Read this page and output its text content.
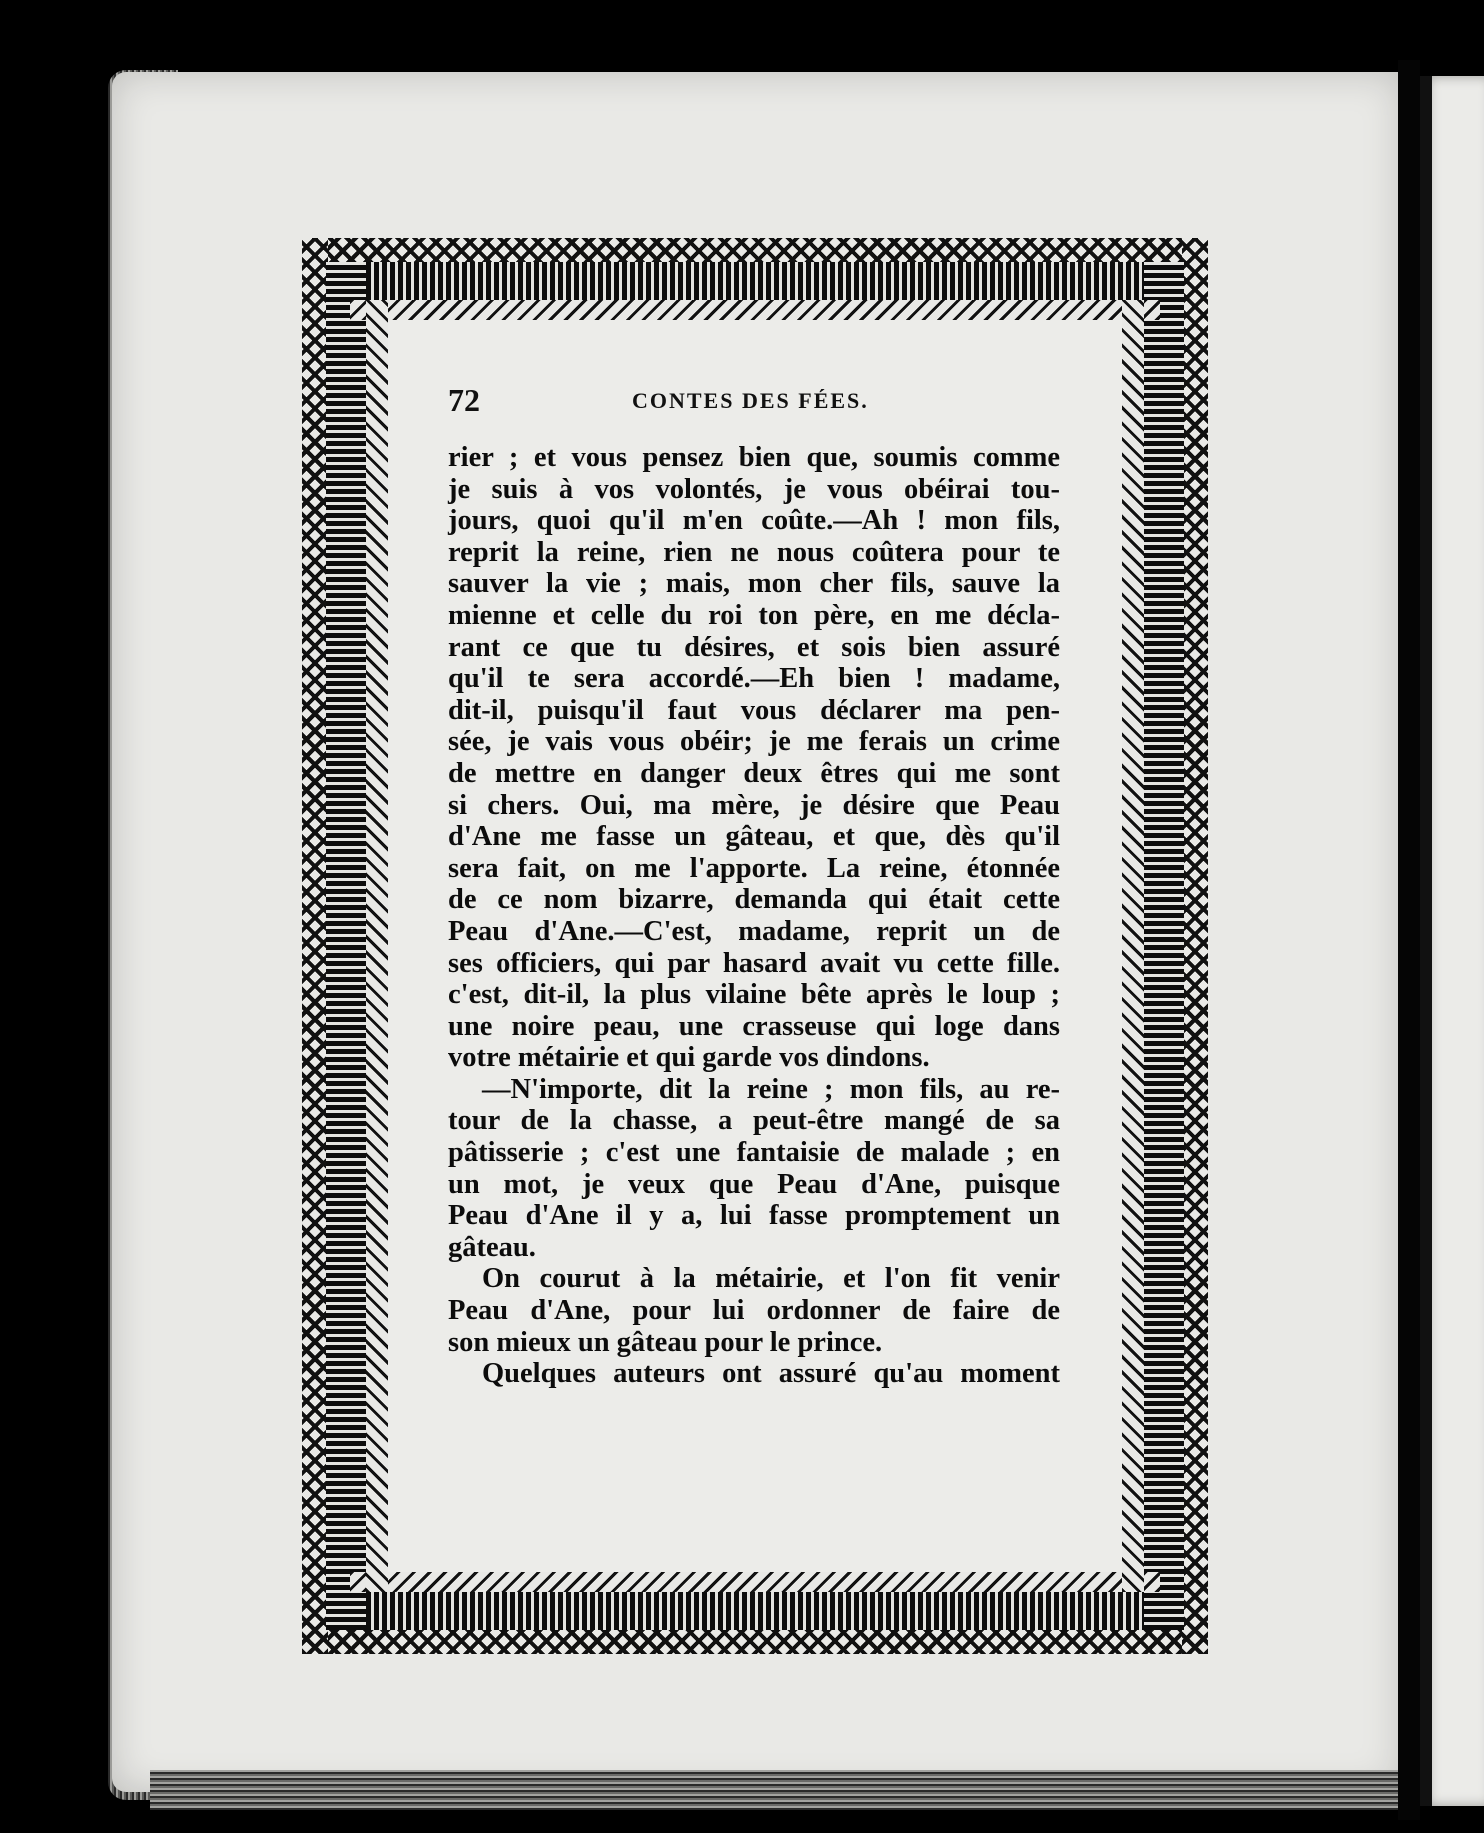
72	CONTES DES FÉES.
rier ; et vous pensez bien que, soumis comme
je suis à vos volontés, je vous obéirai tou-
jours, quoi qu'il m'en coûte.—Ah ! mon fils,
reprit la reine, rien ne nous coûtera pour te
sauver la vie ; mais, mon cher fils, sauve la
mienne et celle du roi ton père, en me décla-
rant ce que tu désires, et sois bien assuré
qu'il te sera accordé.—Eh bien ! madame,
dit-il, puisqu'il faut vous déclarer ma pen-
sée, je vais vous obéir; je me ferais un crime
de mettre en danger deux êtres qui me sont
si chers. Oui, ma mère, je désire que Peau
d'Ane me fasse un gâteau, et que, dès qu'il
sera fait, on me l'apporte. La reine, étonnée
de ce nom bizarre, demanda qui était cette
Peau d'Ane.—C'est, madame, reprit un de
ses officiers, qui par hasard avait vu cette fille.
c'est, dit-il, la plus vilaine bête après le loup ;
une noire peau, une crasseuse qui loge dans
votre métairie et qui garde vos dindons.
—N'importe, dit la reine ; mon fils, au re-
tour de la chasse, a peut-être mangé de sa
pâtisserie ; c'est une fantaisie de malade ; en
un mot, je veux que Peau d'Ane, puisque
Peau d'Ane il y a, lui fasse promptement un
gâteau.
On courut à la métairie, et l'on fit venir
Peau d'Ane, pour lui ordonner de faire de
son mieux un gâteau pour le prince.
Quelques auteurs ont assuré qu'au moment
